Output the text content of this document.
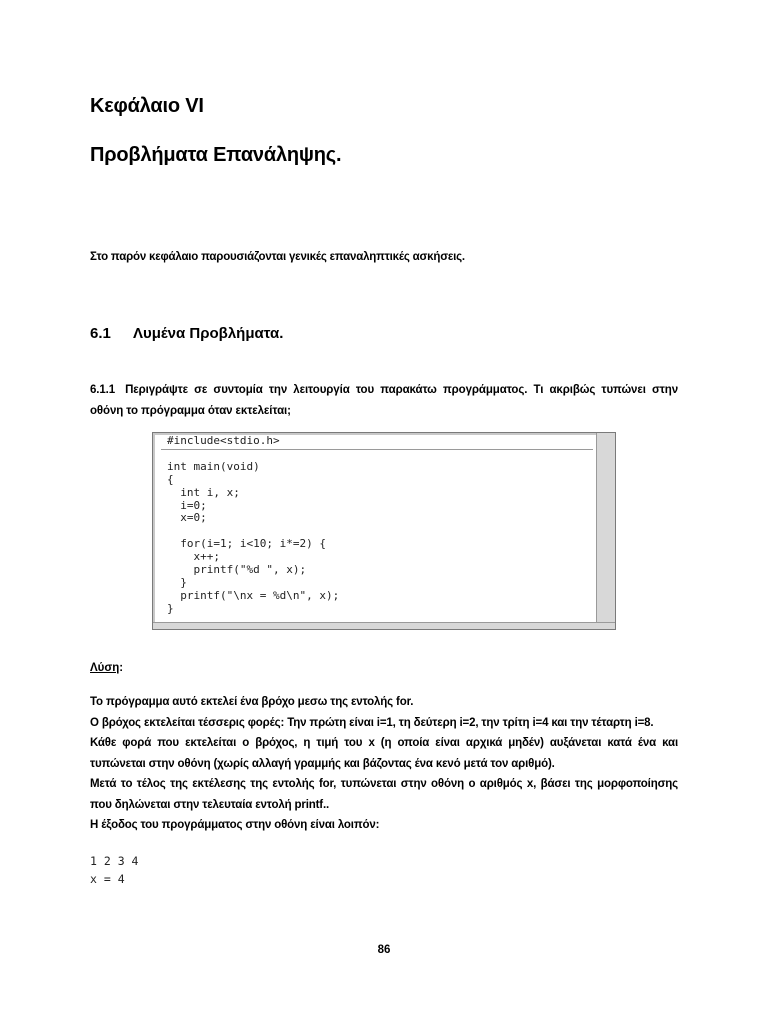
Κεφάλαιο VI
Προβλήματα Επανάληψης.

Στο παρόν κεφάλαιο παρουσιάζονται γενικές επαναληπτικές ασκήσεις.

6.1 Λυμένα Προβλήματα.

6.1.1 Περιγράψτε σε συντομία την λειτουργία του παρακάτω προγράμματος. Τι ακριβώς τυπώνει στην οθόνη το πρόγραμμα όταν εκτελείται;

#include<stdio.h>

int main(void)
{
int i, x;
i=0;
x=0;

for(i=1; i<10; i*=2) {
x++;
printf("%d ", x);
}
printf("\nx = %d\n", x);
}

Λύση:

Το πρόγραμμα αυτό εκτελεί ένα βρόχο μεσω της εντολής for.

Ο βρόχος εκτελείται τέσσερις φορές: Την πρώτη είναι i=1, τη δεύτερη i=2, την τρίτη i=4 και την τέταρτη i=8.

Κάθε φορά που εκτελείται ο βρόχος, η τιμή του x (η οποία είναι αρχικά μηδέν) αυξάνεται κατά ένα και τυπώνεται στην οθόνη (χωρίς αλλαγή γραμμής και βάζοντας ένα κενό μετά τον αριθμό).

Μετά το τέλος της εκτέλεσης της εντολής for, τυπώνεται στην οθόνη ο αριθμός x, βάσει της μορφοποίησης που δηλώνεται στην τελευταία εντολή printf..

Η έξοδος του προγράμματος στην οθόνη είναι λοιπόν:

1 2 3 4
x = 4

86
